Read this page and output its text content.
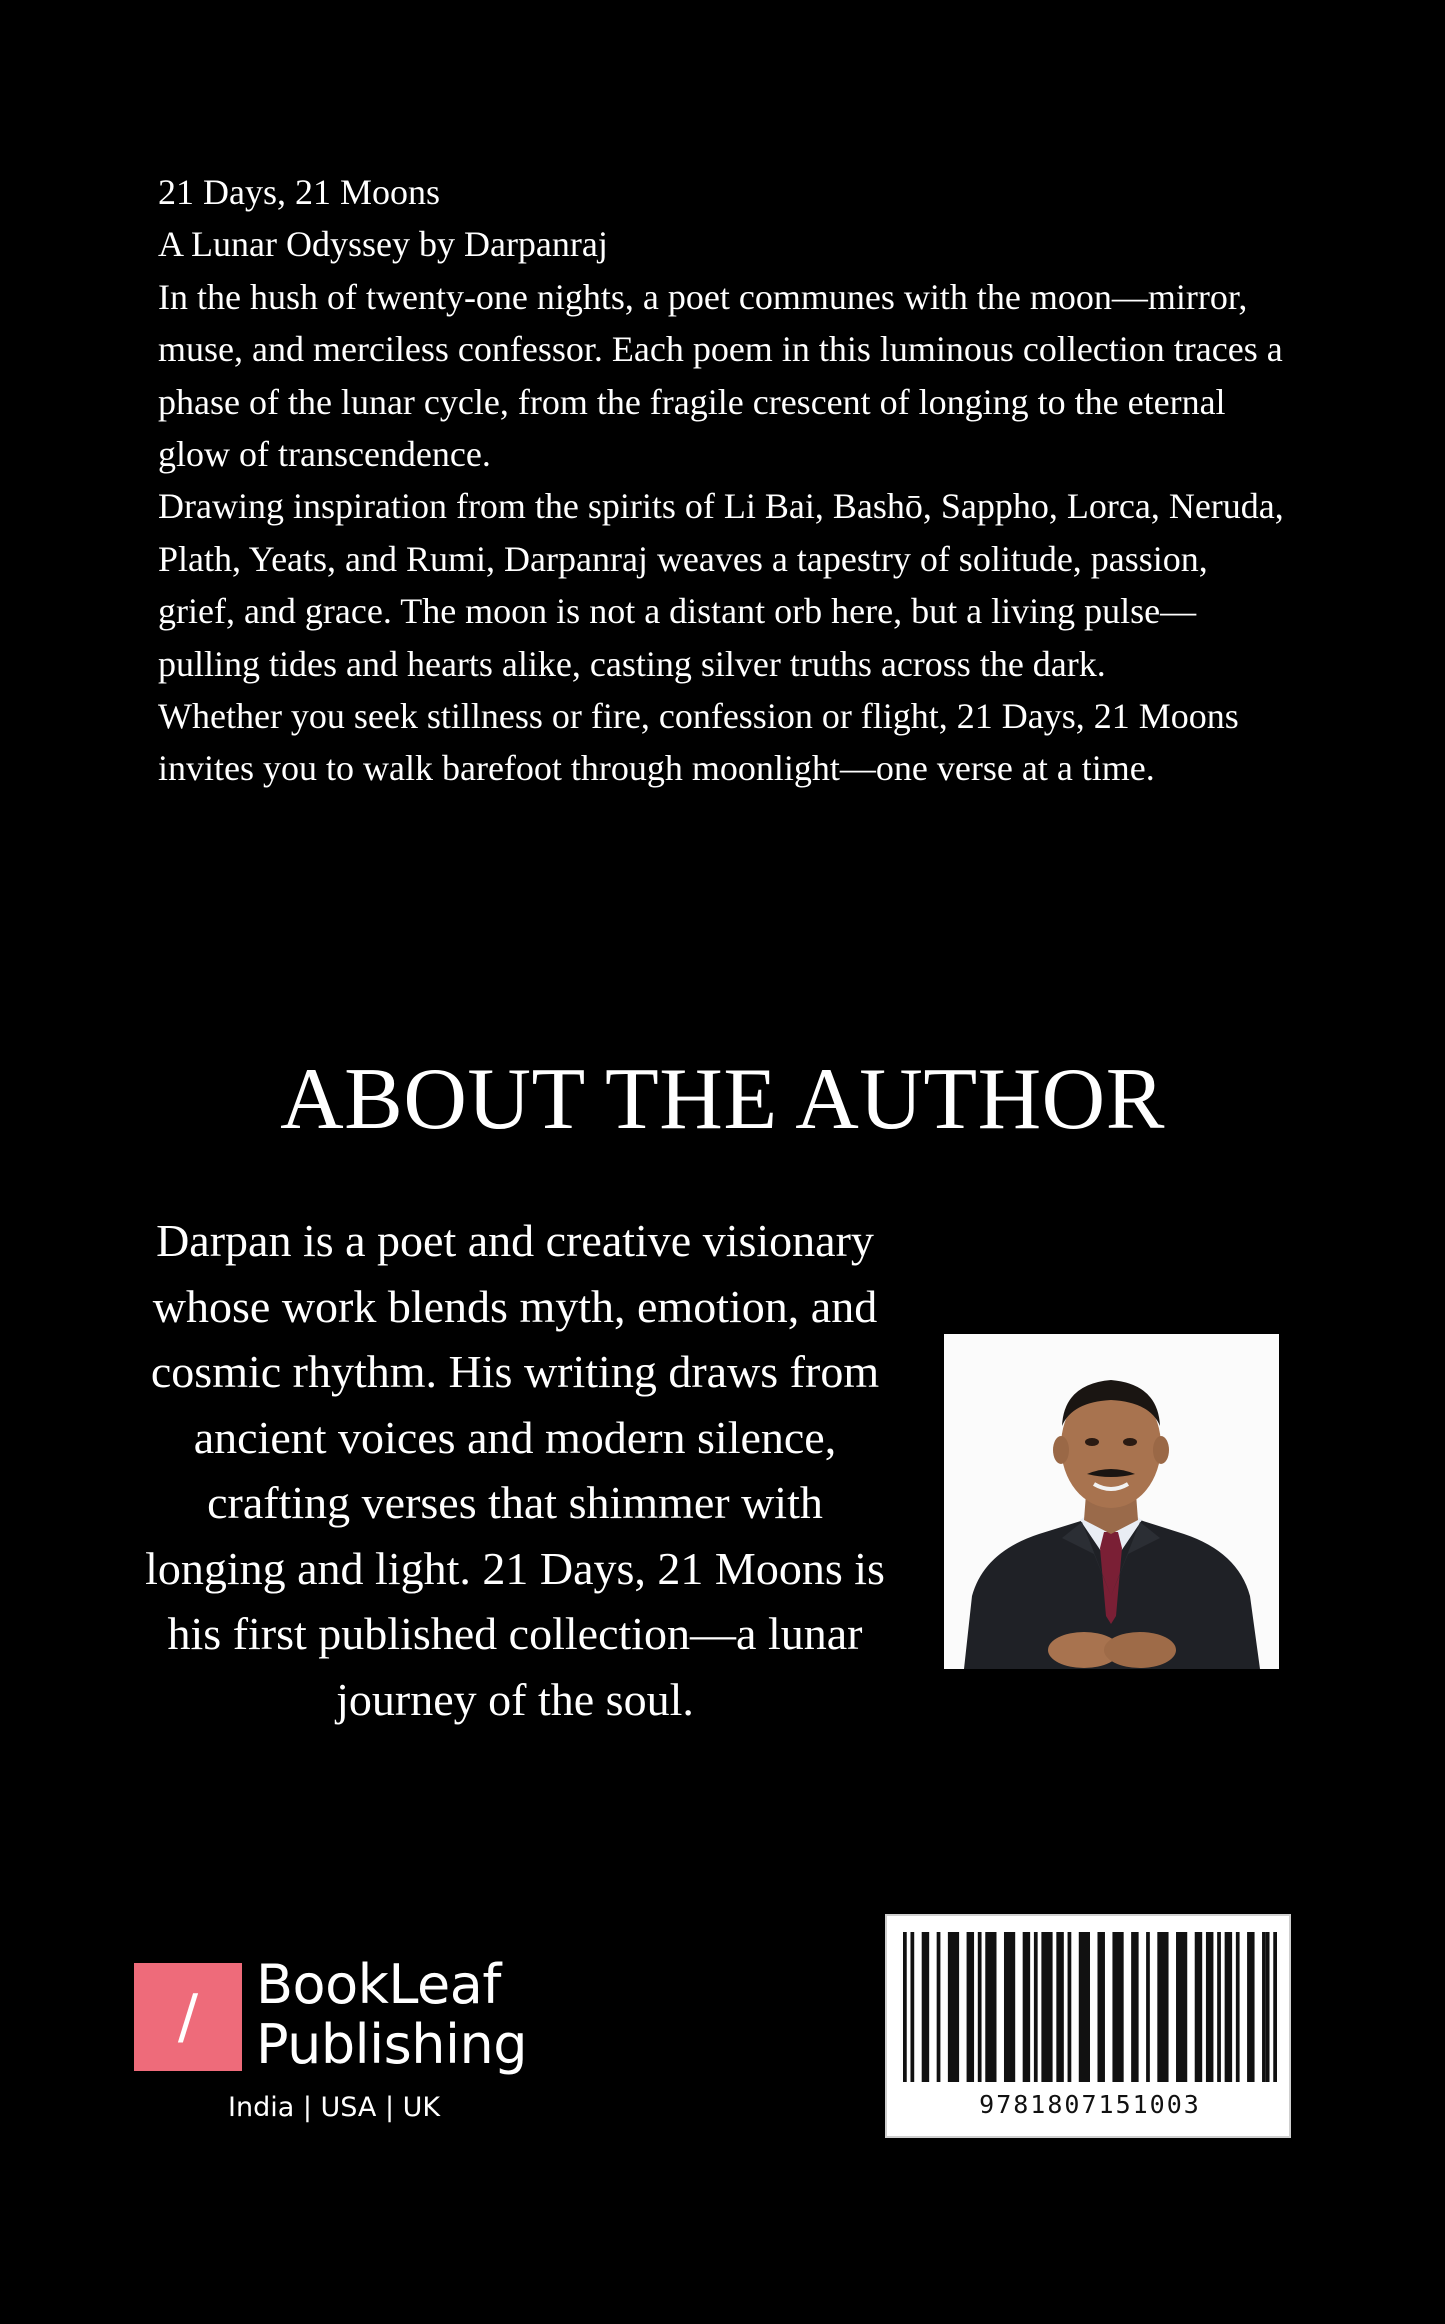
21 Days, 21 Moons

A Lunar Odyssey by Darpanraj

In the hush of twenty-one nights, a poet communes with the moon—mirror, muse, and merciless confessor. Each poem in this luminous collection traces a phase of the lunar cycle, from the fragile crescent of longing to the eternal glow of transcendence.

Drawing inspiration from the spirits of Li Bai, Bashō, Sappho, Lorca, Neruda, Plath, Yeats, and Rumi, Darpanraj weaves a tapestry of solitude, passion, grief, and grace. The moon is not a distant orb here, but a living pulse—pulling tides and hearts alike, casting silver truths across the dark.

Whether you seek stillness or fire, confession or flight, 21 Days, 21 Moons invites you to walk barefoot through moonlight—one verse at a time.

ABOUT THE AUTHOR

Darpan is a poet and creative visionary whose work blends myth, emotion, and cosmic rhythm. His writing draws from ancient voices and modern silence, crafting verses that shimmer with longing and light. 21 Days, 21 Moons is his first published collection—a lunar journey of the soul.

/	BookLeaf
Publishing
India | USA | UK	9781807151003
